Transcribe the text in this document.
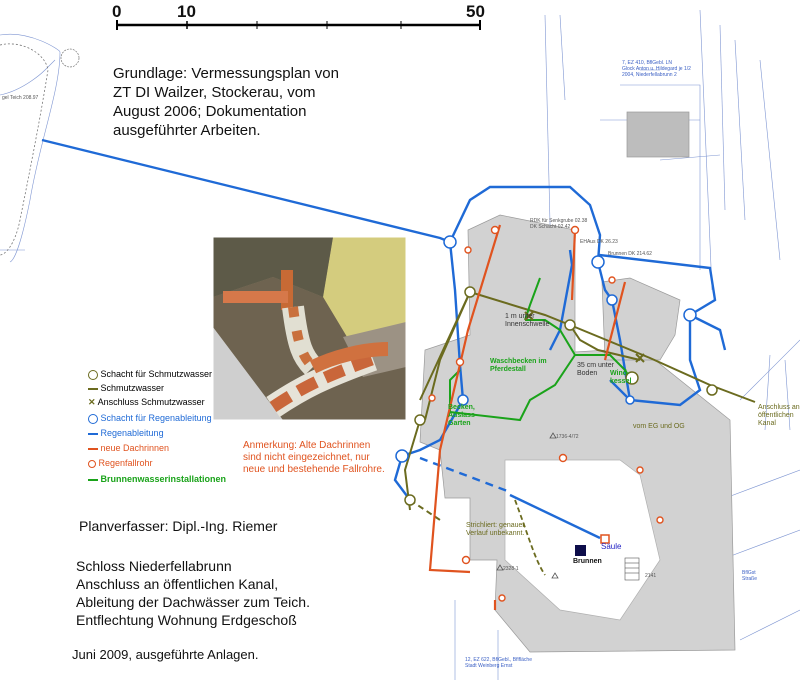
0	10	50
Grundlage: Vermessungsplan von
ZT DI Wailzer, Stockerau, vom
August 2006; Dokumentation
ausgeführter Arbeiten.
Schacht für Schmutzwasser
Schmutzwasser
✕ Anschluss Schmutzwasser
Schacht für Regenableitung
Regenableitung
neue Dachrinnen
Regenfallrohr
Brunnenwasserinstallationen
Anmerkung: Alte Dachrinnen
sind nicht eingezeichnet, nur
neue und bestehende Fallrohre.
Planverfasser: Dipl.-Ing. Riemer
Schloss Niederfellabrunn
Anschluss an öffentlichen Kanal,
Ableitung der Dachwässer zum Teich.
Entflechtung Wohnung Erdgeschoß
Juni 2009, ausgeführte Anlagen.
1 m unter
Innenschwelle
Waschbecken im
Pferdestall
Becken,
Auslass
Garten
35 cm unter
Boden	Wind-
kessel
vom EG und OG
Anschluss an
öffentlichen
Kanal
Strichliert: genauer
Verlauf unbekannt.
Säule
Brunnen
gel Teich 208.97
7, EZ 410, BflGebl. LN
Glock Anton u. Hildegard je 1/2
2004, Niederfellabrunn 2
Brunnen DK 214.62
RDK für Senkgrube 02.38
DK Schacht 02.42
EHAus DK 26.23
12, EZ 622, BflGebl., Bflfläche
Stadt Weinberg Ernst
BflGst
Straße
1736-4/72
2328-1
2141
